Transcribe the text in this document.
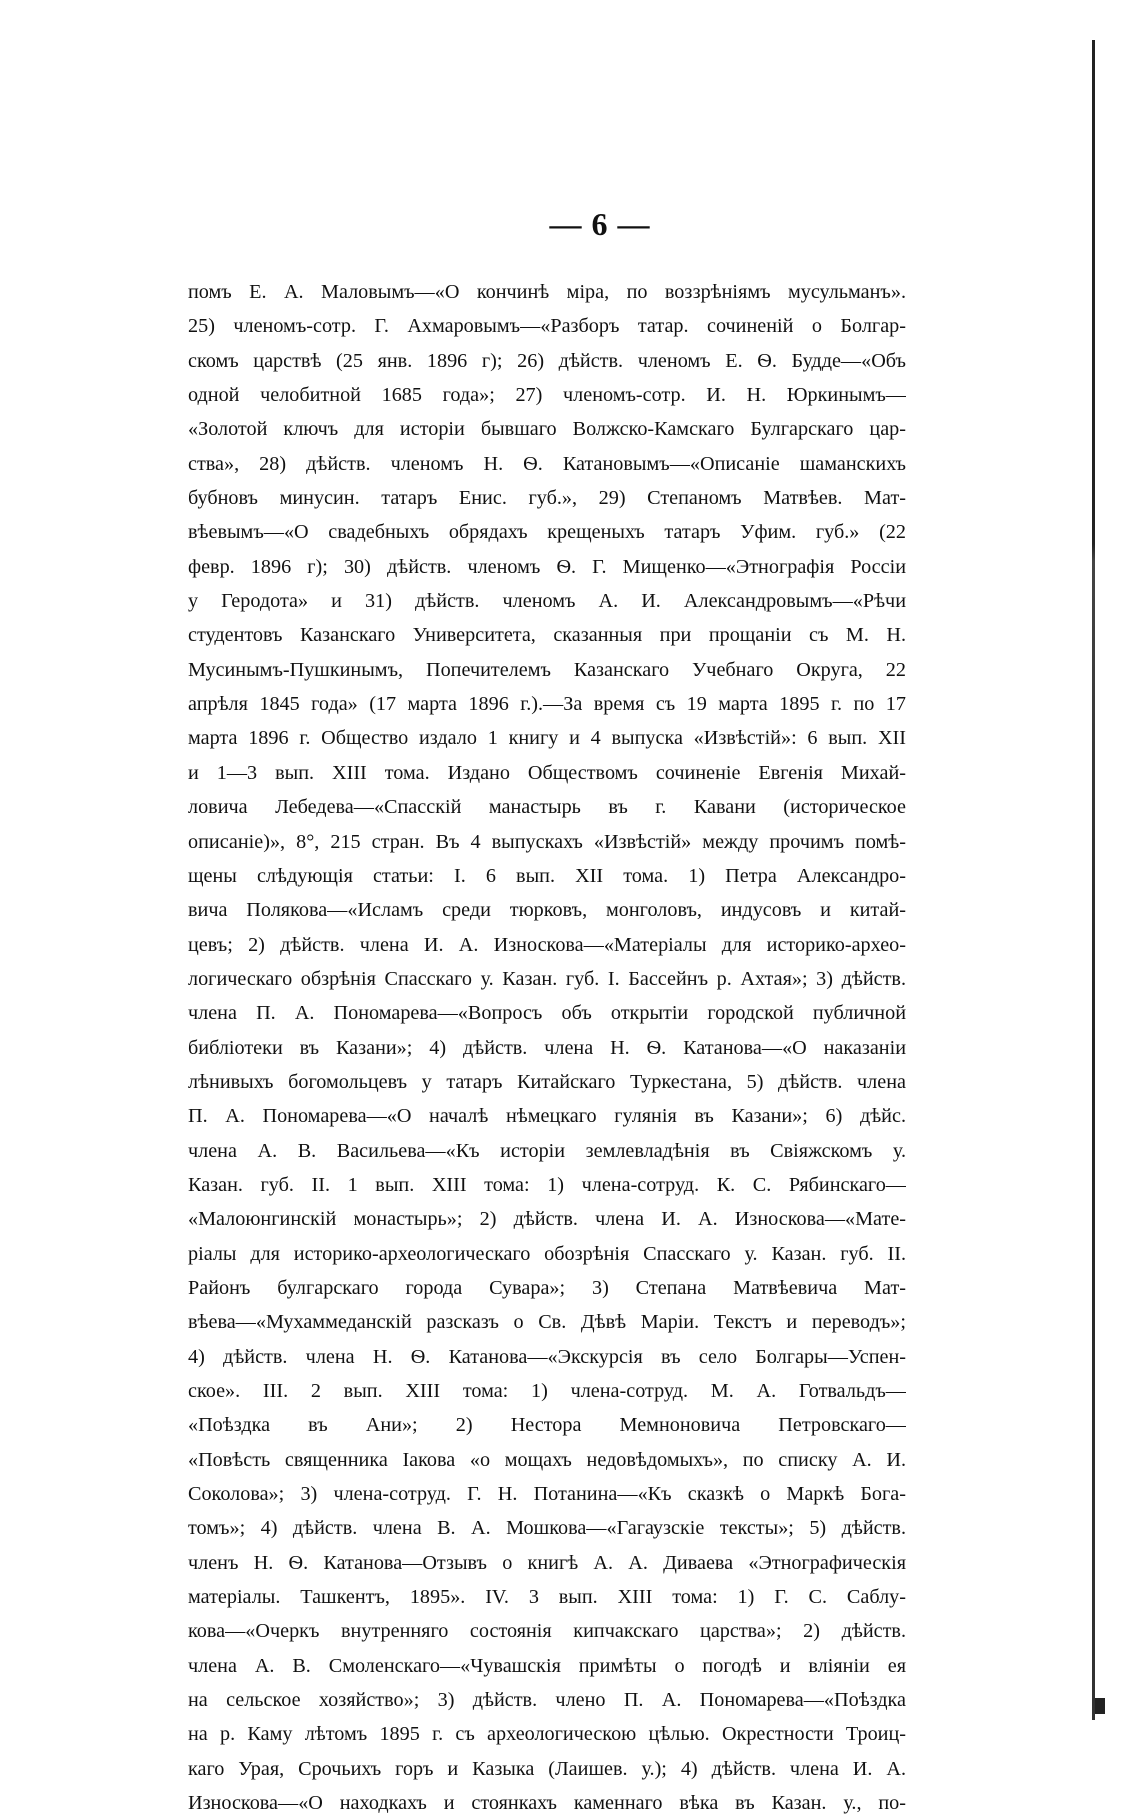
— 6 —
помъ Е. А. Маловымъ—«О кончинѣ міра, по воззрѣніямъ мусульманъ».
25) членомъ-сотр. Г. Ахмаровымъ—«Разборъ татар. сочиненій о Болгар-
скомъ царствѣ (25 янв. 1896 г); 26) дѣйств. членомъ Е. Ѳ. Будде—«Объ
одной челобитной 1685 года»; 27) членомъ-сотр. И. Н. Юркинымъ—
«Золотой ключъ для исторіи бывшаго Волжско-Камскаго Булгарскаго цар-
ства», 28) дѣйств. членомъ Н. Ѳ. Катановымъ—«Описаніе шаманскихъ
бубновъ минусин. татаръ Енис. губ.», 29) Степаномъ Матвѣев. Мат-
вѣевымъ—«О свадебныхъ обрядахъ крещеныхъ татаръ Уфим. губ.» (22
февр. 1896 г); 30) дѣйств. членомъ Ѳ. Г. Мищенко—«Этнографія Россіи
у Геродота» и 31) дѣйств. членомъ А. И. Александровымъ—«Рѣчи
студентовъ Казанскаго Университета, сказанныя при прощаніи съ М. Н.
Мусинымъ-Пушкинымъ, Попечителемъ Казанскаго Учебнаго Округа, 22
апрѣля 1845 года» (17 марта 1896 г.).—За время съ 19 марта 1895 г. по 17
марта 1896 г. Общество издало 1 книгу и 4 выпуска «Извѣстій»: 6 вып. XII
и 1—3 вып. XIII тома. Издано Обществомъ сочиненіе Евгенія Михай-
ловича Лебедева—«Спасскій манастырь въ г. Кавани (историческое
описаніе)», 8°, 215 стран. Въ 4 выпускахъ «Извѣстій» между прочимъ помѣ-
щены слѣдующія статьи: I. 6 вып. XII тома. 1) Петра Александро-
вича Полякова—«Исламъ среди тюрковъ, монголовъ, индусовъ и китай-
цевъ; 2) дѣйств. члена И. А. Износкова—«Матеріалы для историко-археo-
логическаго обзрѣнія Спасскаго у. Казан. губ. I. Бассейнъ р. Ахтая»; 3) дѣйств.
члена П. А. Пономарева—«Вопросъ объ открытіи городской публичной
библіотеки въ Казани»; 4) дѣйств. члена Н. Ѳ. Катанова—«О наказаніи
лѣнивыхъ богомольцевъ у татаръ Китайскаго Туркестана, 5) дѣйств. члена
П. А. Пономарева—«О началѣ нѣмецкаго гулянія въ Казани»; 6) дѣйс.
члена А. В. Васильева—«Къ исторіи землевладѣнія въ Свіяжскомъ у.
Казан. губ. II. 1 вып. XIII тома: 1) члена-сотруд. К. С. Рябинскаго—
«Малоюнгинскій монастырь»; 2) дѣйств. члена И. А. Износкова—«Мате-
ріалы для историко-археологическаго обозрѣнія Спасскаго у. Казан. губ. II.
Районъ булгарскаго города Сувара»; 3) Степана Матвѣевича Мат-
вѣева—«Мухаммеданскій разсказъ о Св. Дѣвѣ Маріи. Текстъ и переводъ»;
4) дѣйств. члена Н. Ѳ. Катанова—«Экскурсія въ село Болгары—Успен-
ское». III. 2 вып. XIII тома: 1) члена-сотруд. М. А. Готвальдъ—
«Поѣздка въ Ани»; 2) Нестора Мемноновича Петровскаго—
«Повѣсть священника Іакова «о мощахъ недовѣдомыхъ», по списку А. И.
Соколова»; 3) члена-сотруд. Г. Н. Потанина—«Къ сказкѣ о Маркѣ Богa-
томъ»; 4) дѣйств. члена В. А. Мошкова—«Гагаузскіе тексты»; 5) дѣйств.
членъ Н. Ѳ. Катанова—Отзывъ о книгѣ А. А. Диваева «Этнографическія
матеріалы. Ташкентъ, 1895». IV. 3 вып. XIII тома: 1) Г. С. Саблу-
кова—«Очеркъ внутренняго состоянія кипчакскаго царства»; 2) дѣйств.
члена А. В. Смоленскаго—«Чувашскія примѣты о погодѣ и вліяніи ея
на сельское хозяйство»; 3) дѣйств. члено П. А. Пономарева—«Поѣздка
на р. Каму лѣтомъ 1895 г. съ археологическою цѣлью. Окрестности Троиц-
каго Урая, Срочьихъ горъ и Казыка (Лаишев. у.); 4) дѣйств. члена И. А.
Износкова—«О находкахъ и стоянкахъ каменнаго вѣка въ Казан. у., по-
